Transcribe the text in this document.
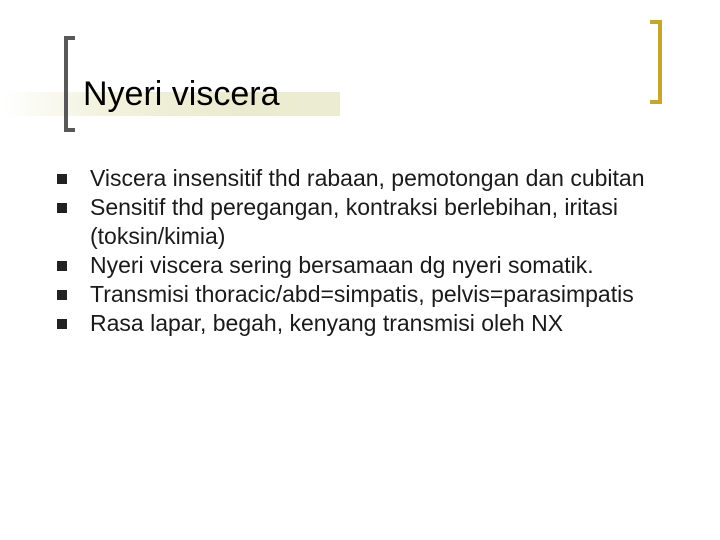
Nyeri viscera
Viscera insensitif thd rabaan, pemotongan dan cubitan
Sensitif thd peregangan, kontraksi berlebihan, iritasi (toksin/kimia)
Nyeri viscera sering bersamaan dg nyeri somatik.
Transmisi thoracic/abd=simpatis, pelvis=parasimpatis
Rasa lapar, begah, kenyang transmisi oleh NX
